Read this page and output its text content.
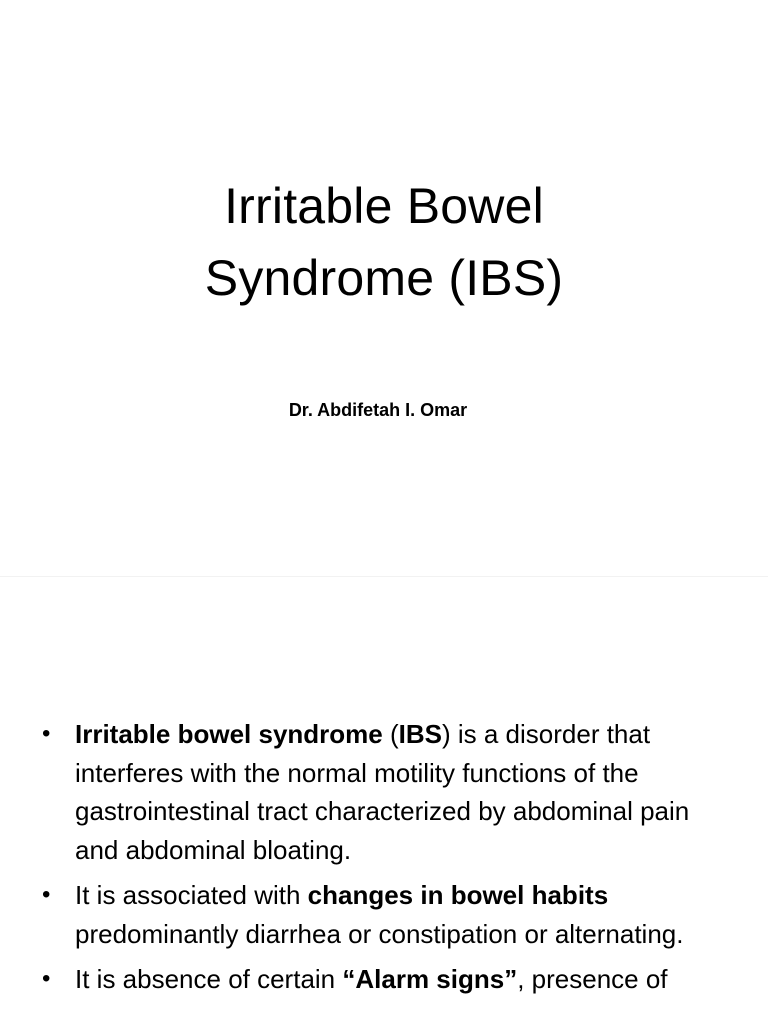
Irritable Bowel
Syndrome (IBS)
Dr. Abdifetah I. Omar
• Irritable bowel syndrome (IBS) is a disorder that interferes with the normal motility functions of the gastrointestinal tract characterized by abdominal pain and abdominal bloating.
• It is associated with changes in bowel habits predominantly diarrhea or constipation or alternating.
• It is absence of certain “Alarm signs”, presence of
